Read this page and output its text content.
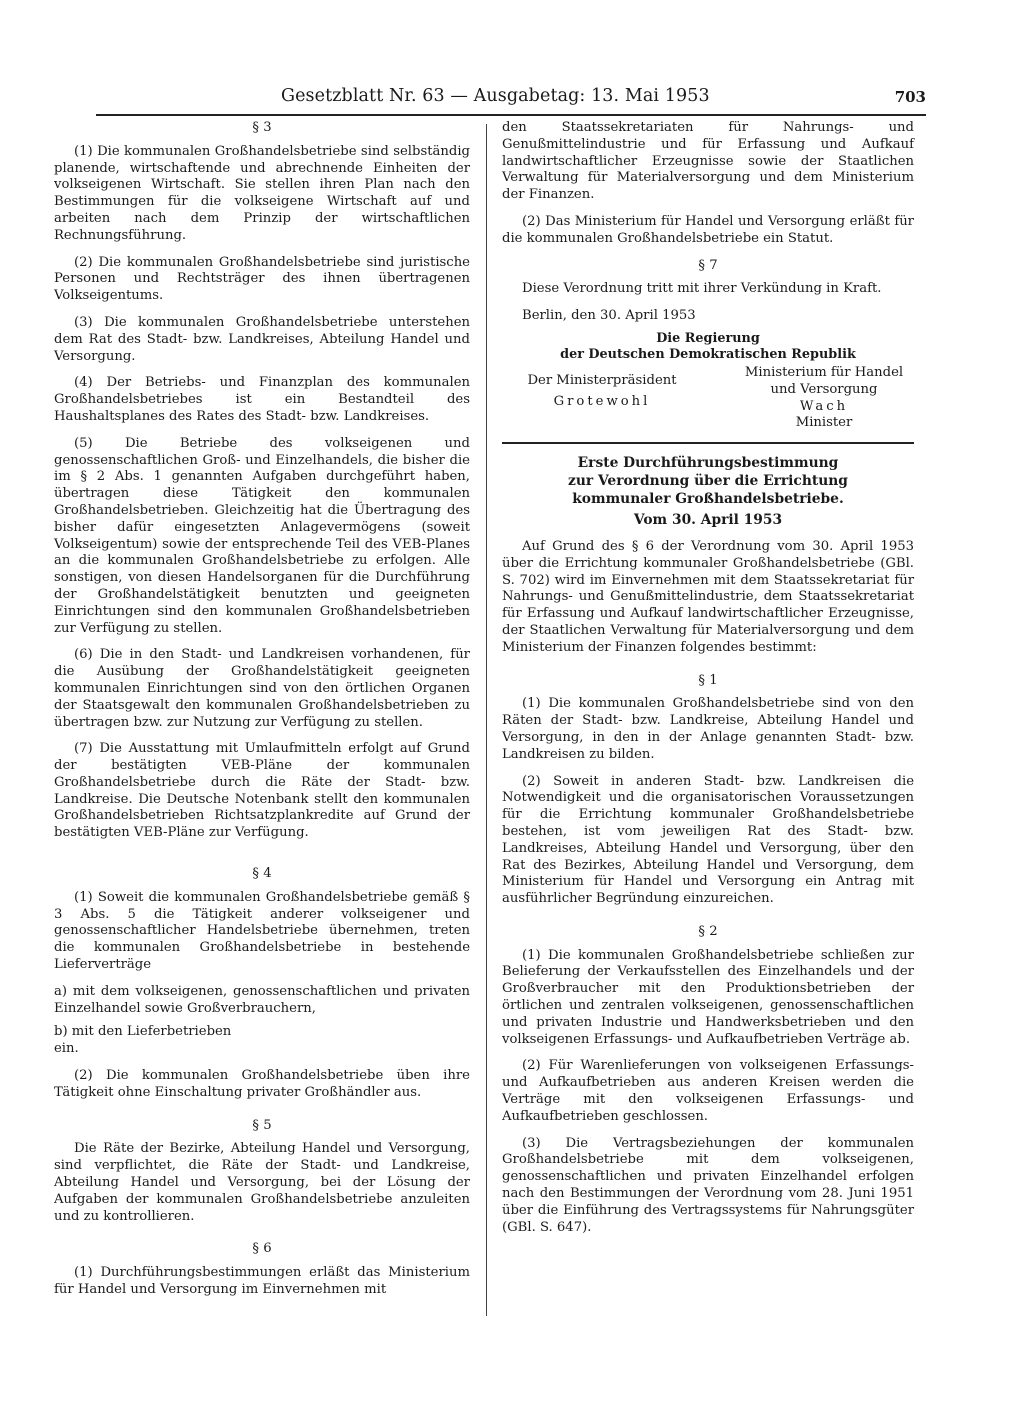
Gesetzblatt Nr. 63 — Ausgabetag: 13. Mai 1953	703

§ 3

(1) Die kommunalen Großhandelsbetriebe sind selbständig planende, wirtschaftende und abrechnende Einheiten der volkseigenen Wirtschaft. Sie stellen ihren Plan nach den Bestimmungen für die volkseigene Wirtschaft auf und arbeiten nach dem Prinzip der wirtschaftlichen Rechnungsführung.

(2) Die kommunalen Großhandelsbetriebe sind juristische Personen und Rechtsträger des ihnen übertragenen Volkseigentums.

(3) Die kommunalen Großhandelsbetriebe unterstehen dem Rat des Stadt- bzw. Landkreises, Abteilung Handel und Versorgung.

(4) Der Betriebs- und Finanzplan des kommunalen Großhandelsbetriebes ist ein Bestandteil des Haushaltsplanes des Rates des Stadt- bzw. Landkreises.

(5) Die Betriebe des volkseigenen und genossenschaftlichen Groß- und Einzelhandels, die bisher die im § 2 Abs. 1 genannten Aufgaben durchgeführt haben, übertragen diese Tätigkeit den kommunalen Großhandelsbetrieben. Gleichzeitig hat die Übertragung des bisher dafür eingesetzten Anlagevermögens (soweit Volkseigentum) sowie der entsprechende Teil des VEB-Planes an die kommunalen Großhandelsbetriebe zu erfolgen. Alle sonstigen, von diesen Handelsorganen für die Durchführung der Großhandelstätigkeit benutzten und geeigneten Einrichtungen sind den kommunalen Großhandelsbetrieben zur Verfügung zu stellen.

(6) Die in den Stadt- und Landkreisen vorhandenen, für die Ausübung der Großhandelstätigkeit geeigneten kommunalen Einrichtungen sind von den örtlichen Organen der Staatsgewalt den kommunalen Großhandelsbetrieben zu übertragen bzw. zur Nutzung zur Verfügung zu stellen.

(7) Die Ausstattung mit Umlaufmitteln erfolgt auf Grund der bestätigten VEB-Pläne der kommunalen Großhandelsbetriebe durch die Räte der Stadt- bzw. Landkreise. Die Deutsche Notenbank stellt den kommunalen Großhandelsbetrieben Richtsatzplankredite auf Grund der bestätigten VEB-Pläne zur Verfügung.

§ 4

(1) Soweit die kommunalen Großhandelsbetriebe gemäß § 3 Abs. 5 die Tätigkeit anderer volkseigener und genossenschaftlicher Handelsbetriebe übernehmen, treten die kommunalen Großhandelsbetriebe in bestehende Lieferverträge

a) mit dem volkseigenen, genossenschaftlichen und privaten Einzelhandel sowie Großverbrauchern,

b) mit den Lieferbetrieben

ein.

(2) Die kommunalen Großhandelsbetriebe üben ihre Tätigkeit ohne Einschaltung privater Großhändler aus.

§ 5

Die Räte der Bezirke, Abteilung Handel und Versorgung, sind verpflichtet, die Räte der Stadt- und Landkreise, Abteilung Handel und Versorgung, bei der Lösung der Aufgaben der kommunalen Großhandelsbetriebe anzuleiten und zu kontrollieren.

§ 6

(1) Durchführungsbestimmungen erläßt das Ministerium für Handel und Versorgung im Einvernehmen mit

den Staatssekretariaten für Nahrungs- und Genußmittelindustrie und für Erfassung und Aufkauf landwirtschaftlicher Erzeugnisse sowie der Staatlichen Verwaltung für Materialversorgung und dem Ministerium der Finanzen.

(2) Das Ministerium für Handel und Versorgung erläßt für die kommunalen Großhandelsbetriebe ein Statut.

§ 7

Diese Verordnung tritt mit ihrer Verkündung in Kraft.

Berlin, den 30. April 1953

Die Regierung
der Deutschen Demokratischen Republik
Der Ministerpräsident
Grotewohl
Ministerium für Handel
und Versorgung
Wach
Minister
Erste Durchführungsbestimmung
zur Verordnung über die Errichtung
kommunaler Großhandelsbetriebe.
Vom 30. April 1953

Auf Grund des § 6 der Verordnung vom 30. April 1953 über die Errichtung kommunaler Großhandelsbetriebe (GBl. S. 702) wird im Einvernehmen mit dem Staatssekretariat für Nahrungs- und Genußmittelindustrie, dem Staatssekretariat für Erfassung und Aufkauf landwirtschaftlicher Erzeugnisse, der Staatlichen Verwaltung für Materialversorgung und dem Ministerium der Finanzen folgendes bestimmt:

§ 1

(1) Die kommunalen Großhandelsbetriebe sind von den Räten der Stadt- bzw. Landkreise, Abteilung Handel und Versorgung, in den in der Anlage genannten Stadt- bzw. Landkreisen zu bilden.

(2) Soweit in anderen Stadt- bzw. Landkreisen die Notwendigkeit und die organisatorischen Voraussetzungen für die Errichtung kommunaler Großhandelsbetriebe bestehen, ist vom jeweiligen Rat des Stadt- bzw. Landkreises, Abteilung Handel und Versorgung, über den Rat des Bezirkes, Abteilung Handel und Versorgung, dem Ministerium für Handel und Versorgung ein Antrag mit ausführlicher Begründung einzureichen.

§ 2

(1) Die kommunalen Großhandelsbetriebe schließen zur Belieferung der Verkaufsstellen des Einzelhandels und der Großverbraucher mit den Produktionsbetrieben der örtlichen und zentralen volkseigenen, genossenschaftlichen und privaten Industrie und Handwerksbetrieben und den volkseigenen Erfassungs- und Aufkaufbetrieben Verträge ab.

(2) Für Warenlieferungen von volkseigenen Erfassungs- und Aufkaufbetrieben aus anderen Kreisen werden die Verträge mit den volkseigenen Erfassungs- und Aufkaufbetrieben geschlossen.

(3) Die Vertragsbeziehungen der kommunalen Großhandelsbetriebe mit dem volkseigenen, genossenschaftlichen und privaten Einzelhandel erfolgen nach den Bestimmungen der Verordnung vom 28. Juni 1951 über die Einführung des Vertragssystems für Nahrungsgüter (GBl. S. 647).
